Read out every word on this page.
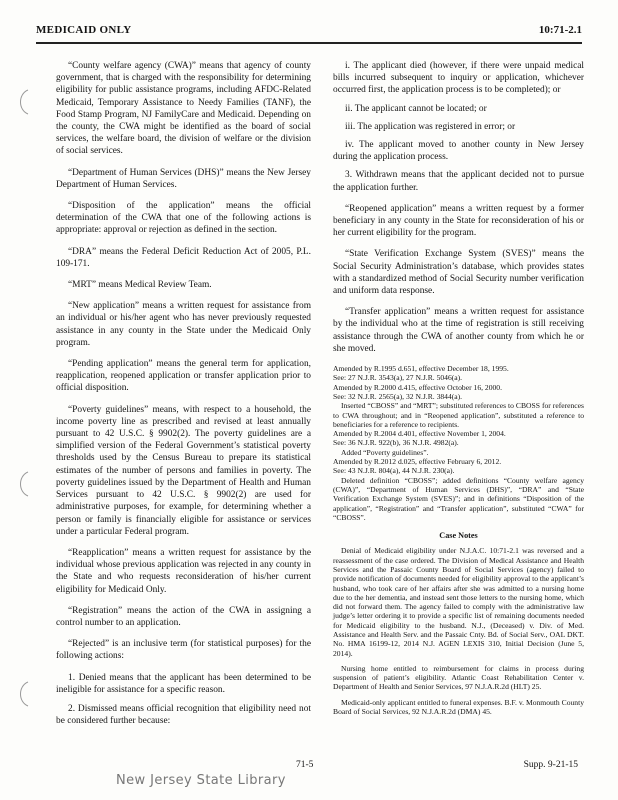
MEDICAID ONLY	10:71-2.1

“County welfare agency (CWA)” means that agency of county government, that is charged with the responsibility for determining eligibility for public assistance programs, including AFDC-Related Medicaid, Temporary Assistance to Needy Families (TANF), the Food Stamp Program, NJ FamilyCare and Medicaid. Depending on the county, the CWA might be identified as the board of social services, the welfare board, the division of welfare or the division of social services.

“Department of Human Services (DHS)” means the New Jersey Department of Human Services.

“Disposition of the application” means the official determination of the CWA that one of the following actions is appropriate: approval or rejection as defined in the section.

“DRA” means the Federal Deficit Reduction Act of 2005, P.L. 109-171.

“MRT” means Medical Review Team.

“New application” means a written request for assistance from an individual or his/her agent who has never previously requested assistance in any county in the State under the Medicaid Only program.

“Pending application” means the general term for application, reapplication, reopened application or transfer application prior to official disposition.

“Poverty guidelines” means, with respect to a household, the income poverty line as prescribed and revised at least annually pursuant to 42 U.S.C. § 9902(2). The poverty guidelines are a simplified version of the Federal Government’s statistical poverty thresholds used by the Census Bureau to prepare its statistical estimates of the number of persons and families in poverty. The poverty guidelines issued by the Department of Health and Human Services pursuant to 42 U.S.C. § 9902(2) are used for administrative purposes, for example, for determining whether a person or family is financially eligible for assistance or services under a particular Federal program.

“Reapplication” means a written request for assistance by the individual whose previous application was rejected in any county in the State and who requests reconsideration of his/her current eligibility for Medicaid Only.

“Registration” means the action of the CWA in assigning a control number to an application.

“Rejected” is an inclusive term (for statistical purposes) for the following actions:

1. Denied means that the applicant has been determined to be ineligible for assistance for a specific reason.

2. Dismissed means official recognition that eligibility need not be considered further because:

i. The applicant died (however, if there were unpaid medical bills incurred subsequent to inquiry or application, whichever occurred first, the application process is to be completed); or

ii. The applicant cannot be located; or

iii. The application was registered in error; or

iv. The applicant moved to another county in New Jersey during the application process.

3. Withdrawn means that the applicant decided not to pursue the application further.

“Reopened application” means a written request by a former beneficiary in any county in the State for reconsideration of his or her current eligibility for the program.

“State Verification Exchange System (SVES)” means the Social Security Administration’s database, which provides states with a standardized method of Social Security number verification and uniform data response.

“Transfer application” means a written request for assistance by the individual who at the time of registration is still receiving assistance through the CWA of another county from which he or she moved.

Amended by R.1995 d.651, effective December 18, 1995.

See: 27 N.J.R. 3543(a), 27 N.J.R. 5046(a).

Amended by R.2000 d.415, effective October 16, 2000.

See: 32 N.J.R. 2565(a), 32 N.J.R. 3844(a).

Inserted “CBOSS” and “MRT”; substituted references to CBOSS for references to CWA throughout; and in “Reopened application”, substituted a reference to beneficiaries for a reference to recipients.

Amended by R.2004 d.401, effective November 1, 2004.

See: 36 N.J.R. 922(b), 36 N.J.R. 4982(a).

Added “Poverty guidelines”.

Amended by R.2012 d.025, effective February 6, 2012.

See: 43 N.J.R. 804(a), 44 N.J.R. 230(a).

Deleted definition “CBOSS”; added definitions “County welfare agency (CWA)”, “Department of Human Services (DHS)”, “DRA” and “State Verification Exchange System (SVES)”; and in definitions “Disposition of the application”, “Registration” and “Transfer application”, substituted “CWA” for “CBOSS”.

Case Notes

Denial of Medicaid eligibility under N.J.A.C. 10:71-2.1 was reversed and a reassessment of the case ordered. The Division of Medical Assistance and Health Services and the Passaic County Board of Social Services (agency) failed to provide notification of documents needed for eligibility approval to the applicant’s husband, who took care of her affairs after she was admitted to a nursing home due to the her dementia, and instead sent those letters to the nursing home, which did not forward them. The agency failed to comply with the administrative law judge’s letter ordering it to provide a specific list of remaining documents needed for Medicaid eligibility to the husband. N.J., (Deceased) v. Div. of Med. Assistance and Health Serv. and the Passaic Cnty. Bd. of Social Serv., OAL DKT. No. HMA 16199-12, 2014 N.J. AGEN LEXIS 310, Initial Decision (June 5, 2014).

Nursing home entitled to reimbursement for claims in process during suspension of patient’s eligibility. Atlantic Coast Rehabilitation Center v. Department of Health and Senior Services, 97 N.J.A.R.2d (HLT) 25.

Medicaid-only applicant entitled to funeral expenses. B.F. v. Monmouth County Board of Social Services, 92 N.J.A.R.2d (DMA) 45.

71-5	Supp. 9-21-15
New Jersey State Library
